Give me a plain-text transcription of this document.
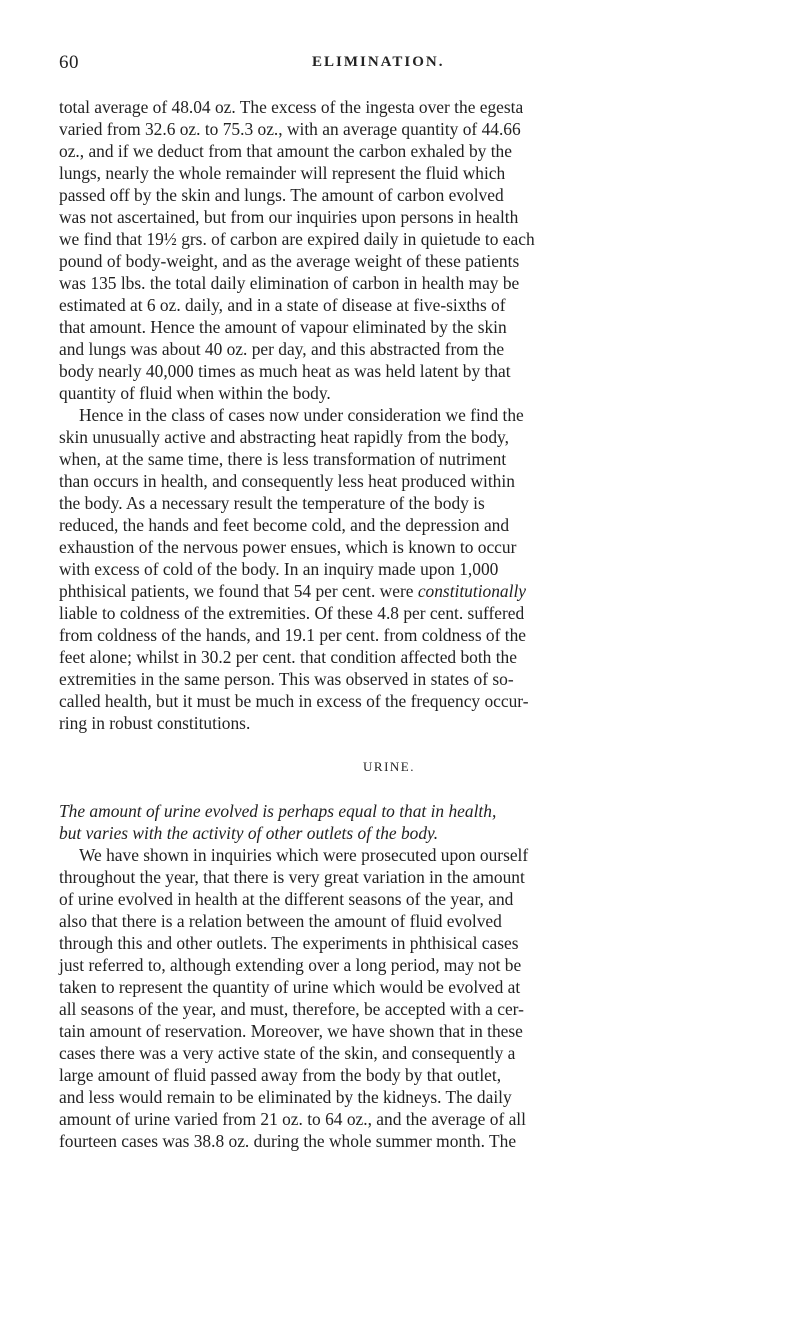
60	ELIMINATION.
total average of 48.04 oz. The excess of the ingesta over the egesta
varied from 32.6 oz. to 75.3 oz., with an average quantity of 44.66
oz., and if we deduct from that amount the carbon exhaled by the
lungs, nearly the whole remainder will represent the fluid which
passed off by the skin and lungs. The amount of carbon evolved
was not ascertained, but from our inquiries upon persons in health
we find that 19½ grs. of carbon are expired daily in quietude to each
pound of body-weight, and as the average weight of these patients
was 135 lbs. the total daily elimination of carbon in health may be
estimated at 6 oz. daily, and in a state of disease at five-sixths of
that amount. Hence the amount of vapour eliminated by the skin
and lungs was about 40 oz. per day, and this abstracted from the
body nearly 40,000 times as much heat as was held latent by that
quantity of fluid when within the body.
Hence in the class of cases now under consideration we find the
skin unusually active and abstracting heat rapidly from the body,
when, at the same time, there is less transformation of nutriment
than occurs in health, and consequently less heat produced within
the body. As a necessary result the temperature of the body is
reduced, the hands and feet become cold, and the depression and
exhaustion of the nervous power ensues, which is known to occur
with excess of cold of the body. In an inquiry made upon 1,000
phthisical patients, we found that 54 per cent. were constitutionally
liable to coldness of the extremities. Of these 4.8 per cent. suffered
from coldness of the hands, and 19.1 per cent. from coldness of the
feet alone; whilst in 30.2 per cent. that condition affected both the
extremities in the same person. This was observed in states of so-
called health, but it must be much in excess of the frequency occur-
ring in robust constitutions.
URINE.
The amount of urine evolved is perhaps equal to that in health,
but varies with the activity of other outlets of the body.
We have shown in inquiries which were prosecuted upon ourself
throughout the year, that there is very great variation in the amount
of urine evolved in health at the different seasons of the year, and
also that there is a relation between the amount of fluid evolved
through this and other outlets. The experiments in phthisical cases
just referred to, although extending over a long period, may not be
taken to represent the quantity of urine which would be evolved at
all seasons of the year, and must, therefore, be accepted with a cer-
tain amount of reservation. Moreover, we have shown that in these
cases there was a very active state of the skin, and consequently a
large amount of fluid passed away from the body by that outlet,
and less would remain to be eliminated by the kidneys. The daily
amount of urine varied from 21 oz. to 64 oz., and the average of all
fourteen cases was 38.8 oz. during the whole summer month. The
